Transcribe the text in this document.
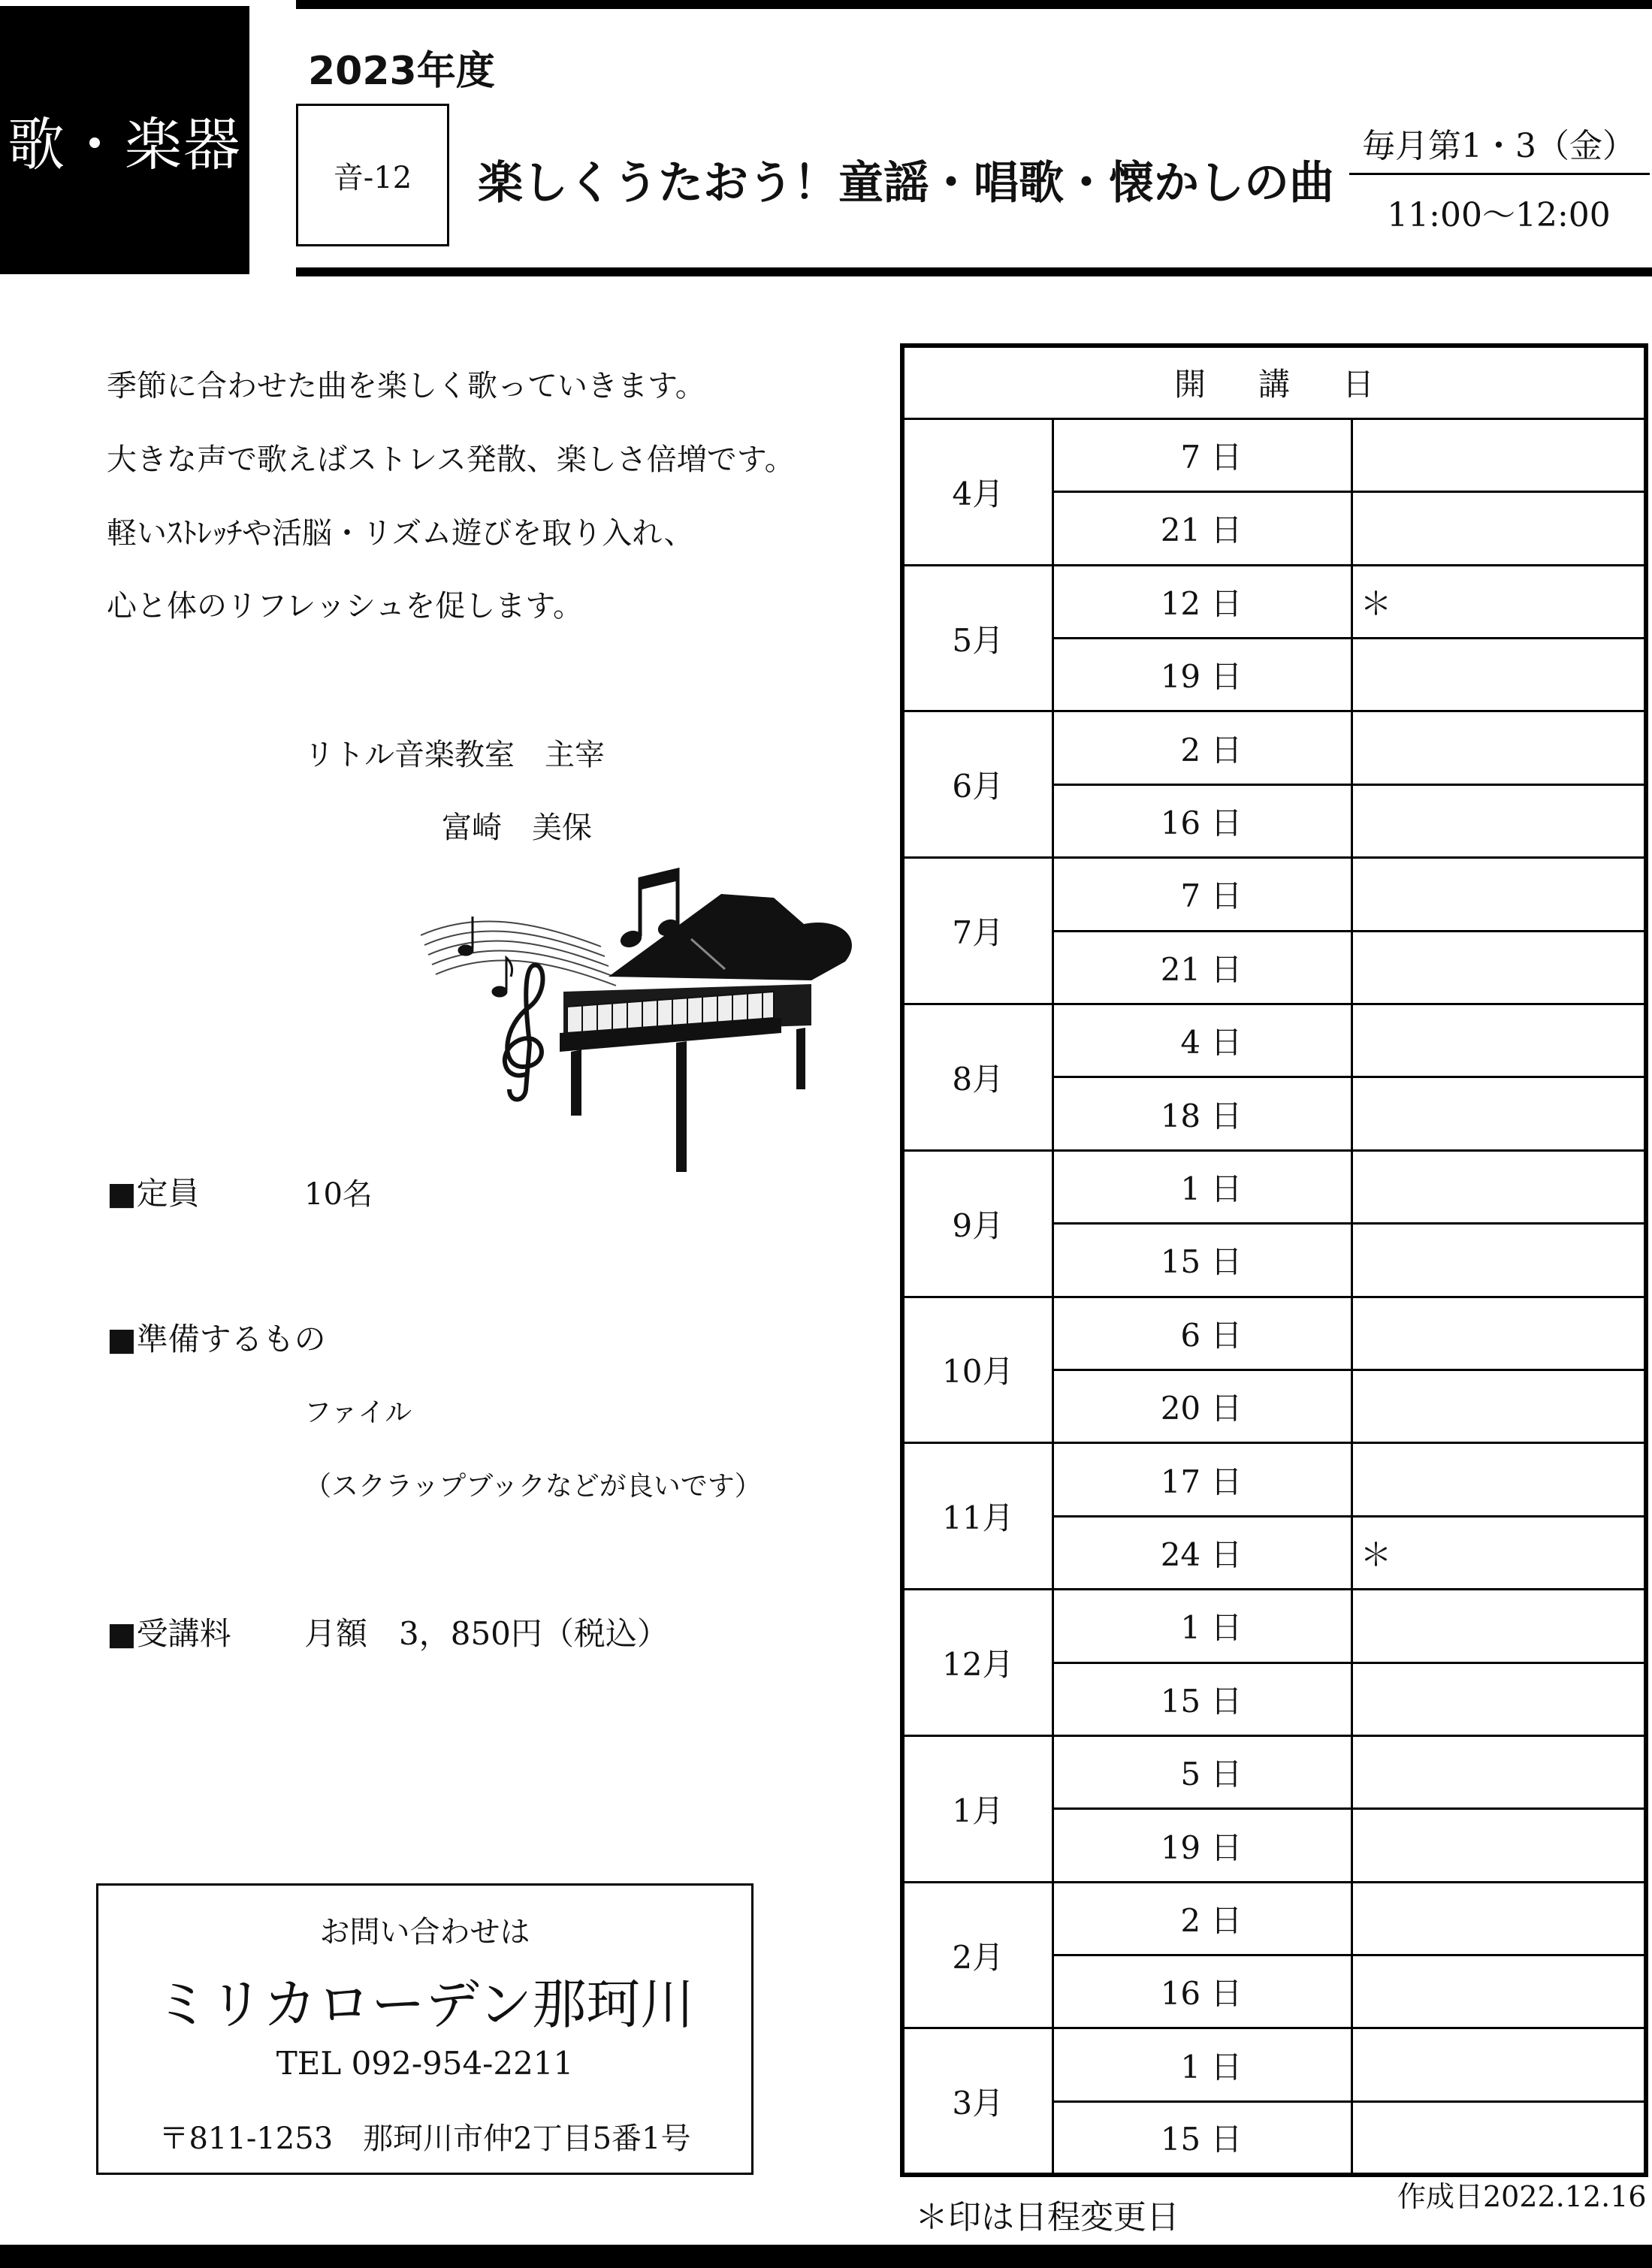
歌・楽器
2023年度
音-12	楽しくうたおう！童謡・唱歌・懐かしの曲
毎月第1・3（金）
11:00～12:00

季節に合わせた曲を楽しく歌っていきます。

大きな声で歌えばストレス発散、楽しさ倍増です。

軽いｽﾄﾚｯﾁや活脳・リズム遊びを取り入れ、

心と体のリフレッシュを促します。

リトル音楽教室　主宰
富崎　美保
■定員	10名
■準備するもの
ファイル
（スクラップブックなどが良いです）
■受講料 月額　3，850円（税込）
お問い合わせは
ミリカローデン那珂川
TEL 092-954-2211
〒811-1253　那珂川市仲2丁目5番1号
開講日		
4月	7 日	
	21 日	
5月	12 日	＊
	19 日	
6月	2 日	
	16 日	
7月	7 日	
	21 日	
8月	4 日	
	18 日	
9月	1 日	
	15 日	
10月	6 日	
	20 日	
11月	17 日	
	24 日	＊
12月	1 日	
	15 日	
1月	5 日	
	19 日	
2月	2 日	
	16 日	
3月	1 日	
	15 日	
＊印は日程変更日
作成日2022.12.16
